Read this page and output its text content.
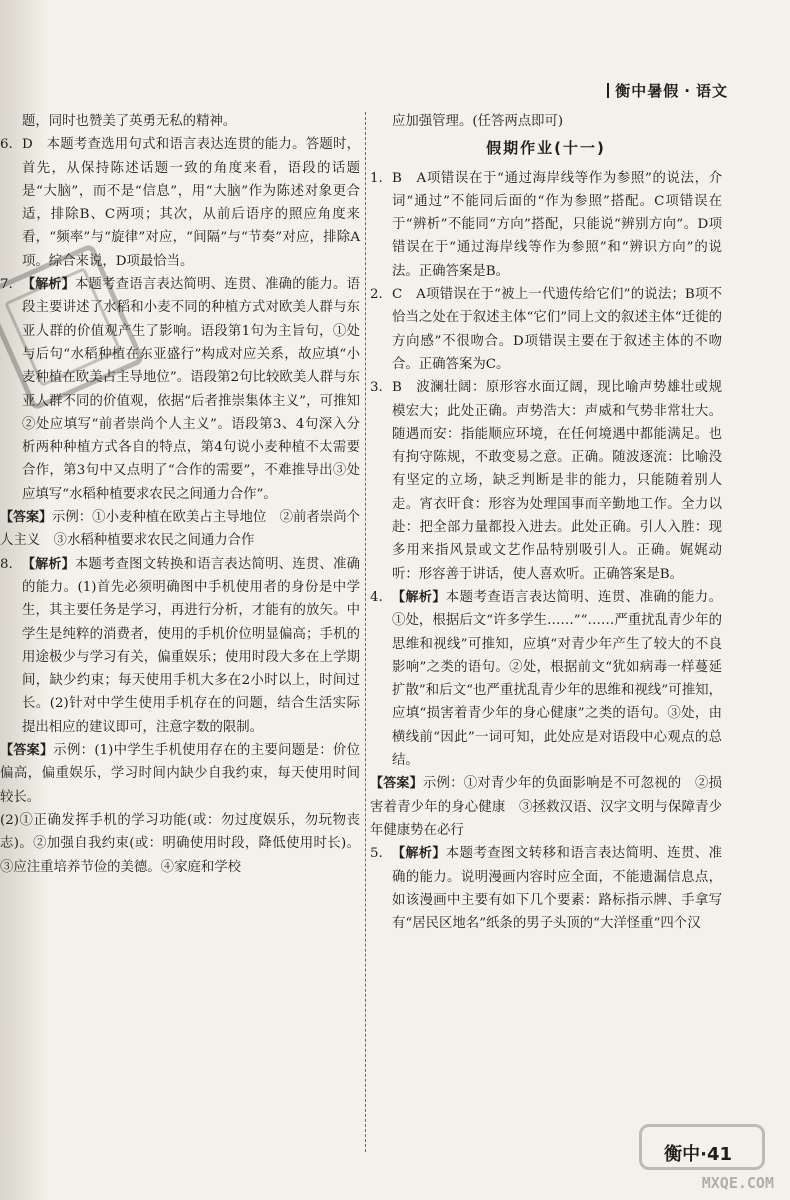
衡中暑假 · 语文

题，同时也赞美了英勇无私的精神。

6. D　本题考查选用句式和语言表达连贯的能力。答题时，首先，从保持陈述话题一致的角度来看，语段的话题是“大脑”，而不是“信息”，用“大脑”作为陈述对象更合适，排除B、C两项；其次，从前后语序的照应角度来看，“频率”与“旋律”对应，“间隔”与“节奏”对应，排除A项。综合来说，D项最恰当。

7. 【解析】本题考查语言表达简明、连贯、准确的能力。语段主要讲述了水稻和小麦不同的种植方式对欧美人群与东亚人群的价值观产生了影响。语段第1句为主旨句，①处与后句“水稻种植在东亚盛行”构成对应关系，故应填“小麦种植在欧美占主导地位”。语段第2句比较欧美人群与东亚人群不同的价值观，依据“后者推崇集体主义”，可推知②处应填写“前者崇尚个人主义”。语段第3、4句深入分析两种种植方式各自的特点，第4句说小麦种植不太需要合作，第3句中又点明了“合作的需要”，不难推导出③处应填写“水稻种植要求农民之间通力合作”。

【答案】示例：①小麦种植在欧美占主导地位　②前者崇尚个人主义　③水稻种植要求农民之间通力合作

8. 【解析】本题考查图文转换和语言表达简明、连贯、准确的能力。(1)首先必须明确图中手机使用者的身份是中学生，其主要任务是学习，再进行分析，才能有的放矢。中学生是纯粹的消费者，使用的手机价位明显偏高；手机的用途极少与学习有关，偏重娱乐；使用时段大多在上学期间，缺少约束；每天使用手机大多在2小时以上，时间过长。(2)针对中学生使用手机存在的问题，结合生活实际提出相应的建议即可，注意字数的限制。

【答案】示例：(1)中学生手机使用存在的主要问题是：价位偏高，偏重娱乐，学习时间内缺少自我约束，每天使用时间较长。

(2)①正确发挥手机的学习功能(或：勿过度娱乐，勿玩物丧志)。②加强自我约束(或：明确使用时段，降低使用时长)。③应注重培养节俭的美德。④家庭和学校

应加强管理。(任答两点即可)

假期作业(十一)

1. B　A项错误在于“通过海岸线等作为参照”的说法，介词“通过”不能同后面的“作为参照”搭配。C项错误在于“辨析”不能同“方向”搭配，只能说“辨别方向”。D项错误在于“通过海岸线等作为参照”和“辨识方向”的说法。正确答案是B。

2. C　A项错误在于“被上一代遗传给它们”的说法；B项不恰当之处在于叙述主体“它们”同上文的叙述主体“迁徙的方向感”不很吻合。D项错误主要在于叙述主体的不吻合。正确答案为C。

3. B　波澜壮阔：原形容水面辽阔，现比喻声势雄壮或规模宏大；此处正确。声势浩大：声威和气势非常壮大。随遇而安：指能顺应环境，在任何境遇中都能满足。也有拘守陈规，不敢变易之意。正确。随波逐流：比喻没有坚定的立场，缺乏判断是非的能力，只能随着别人走。宵衣旰食：形容为处理国事而辛勤地工作。全力以赴：把全部力量都投入进去。此处正确。引人入胜：现多用来指风景或文艺作品特别吸引人。正确。娓娓动听：形容善于讲话，使人喜欢听。正确答案是B。

4. 【解析】本题考查语言表达简明、连贯、准确的能力。①处，根据后文“许多学生……”“……严重扰乱青少年的思维和视线”可推知，应填“对青少年产生了较大的不良影响”之类的语句。②处，根据前文“犹如病毒一样蔓延扩散”和后文“也严重扰乱青少年的思维和视线”可推知，应填“损害着青少年的身心健康”之类的语句。③处，由横线前“因此”一词可知，此处应是对语段中心观点的总结。

【答案】示例：①对青少年的负面影响是不可忽视的　②损害着青少年的身心健康　③拯救汉语、汉字文明与保障青少年健康势在必行

5. 【解析】本题考查图文转移和语言表达简明、连贯、准确的能力。说明漫画内容时应全面，不能遗漏信息点，如该漫画中主要有如下几个要素：路标指示牌、手拿写有“居民区地名”纸条的男子头顶的“大洋怪重”四个汉

衡中·41
MXQE.COM
